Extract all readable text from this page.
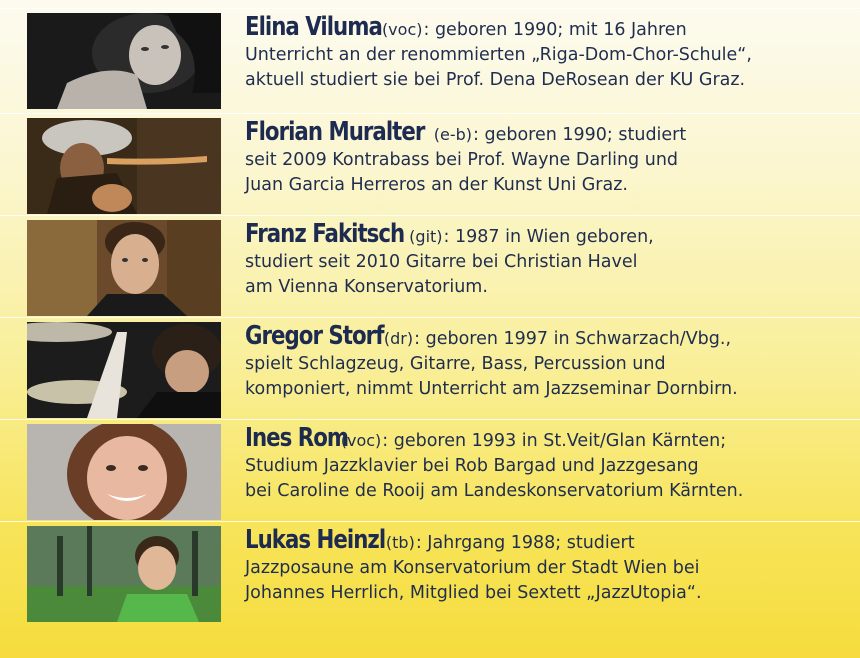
Elina Viluma(voc): geboren 1990; mit 16 Jahren
Unterricht an der renommierten „Riga-Dom-Chor-Schule“,
aktuell studiert sie bei Prof. Dena DeRosean der KU Graz.
Florian Muralter (e-b): geboren 1990; studiert
seit 2009 Kontrabass bei Prof. Wayne Darling und
Juan Garcia Herreros an der Kunst Uni Graz.
Franz Fakitsch (git): 1987 in Wien geboren,
studiert seit 2010 Gitarre bei Christian Havel
am Vienna Konservatorium.
Gregor Storf(dr): geboren 1997 in Schwarzach/Vbg.,
spielt Schlagzeug, Gitarre, Bass, Percussion und
komponiert, nimmt Unterricht am Jazzseminar Dornbirn.
Ines Rom(voc): geboren 1993 in St.Veit/Glan Kärnten;
Studium Jazzklavier bei Rob Bargad und Jazzgesang
bei Caroline de Rooij am Landeskonservatorium Kärnten.
Lukas Heinzl(tb): Jahrgang 1988; studiert
Jazzposaune am Konservatorium der Stadt Wien bei
Johannes Herrlich, Mitglied bei Sextett „JazzUtopia“.
